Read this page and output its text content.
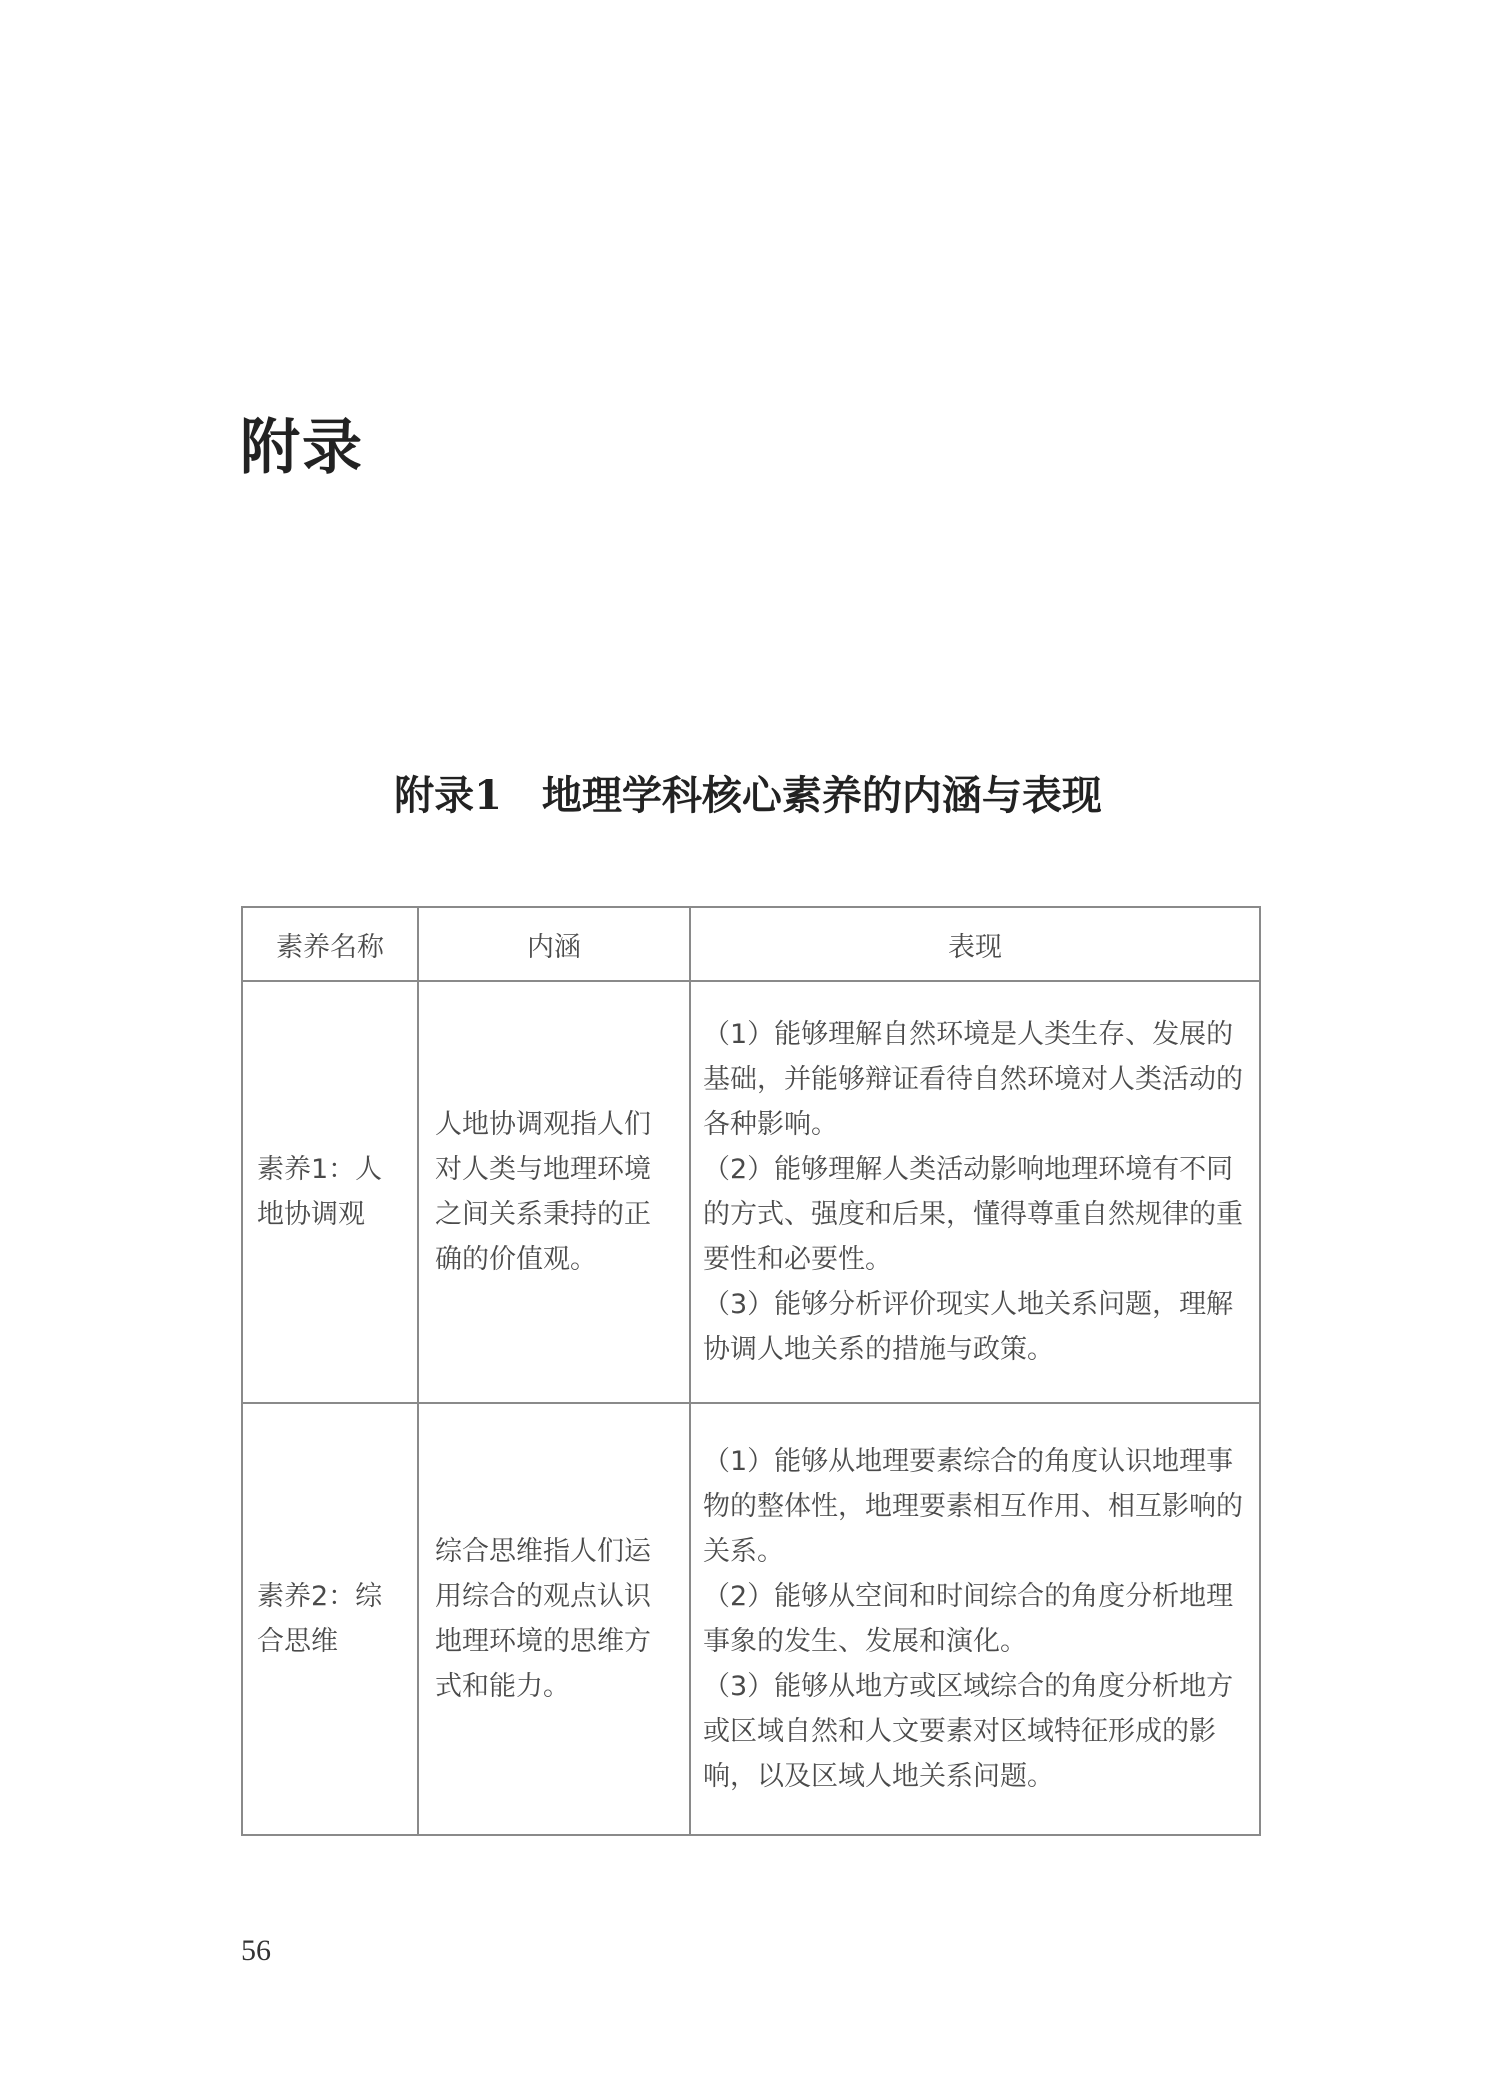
附录
附录1 地理学科核心素养的内涵与表现
素养名称	内涵	表现
素养1：人地协调观	人地协调观指人们对人类与地理环境之间关系秉持的正确的价值观。	（1）能够理解自然环境是人类生存、发展的基础，并能够辩证看待自然环境对人类活动的各种影响。
（2）能够理解人类活动影响地理环境有不同的方式、强度和后果，懂得尊重自然规律的重要性和必要性。
（3）能够分析评价现实人地关系问题，理解协调人地关系的措施与政策。

素养2：综合思维	综合思维指人们运用综合的观点认识地理环境的思维方式和能力。	（1）能够从地理要素综合的角度认识地理事物的整体性，地理要素相互作用、相互影响的关系。
（2）能够从空间和时间综合的角度分析地理事象的发生、发展和演化。
（3）能够从地方或区域综合的角度分析地方或区域自然和人文要素对区域特征形成的影响，以及区域人地关系问题。
56
